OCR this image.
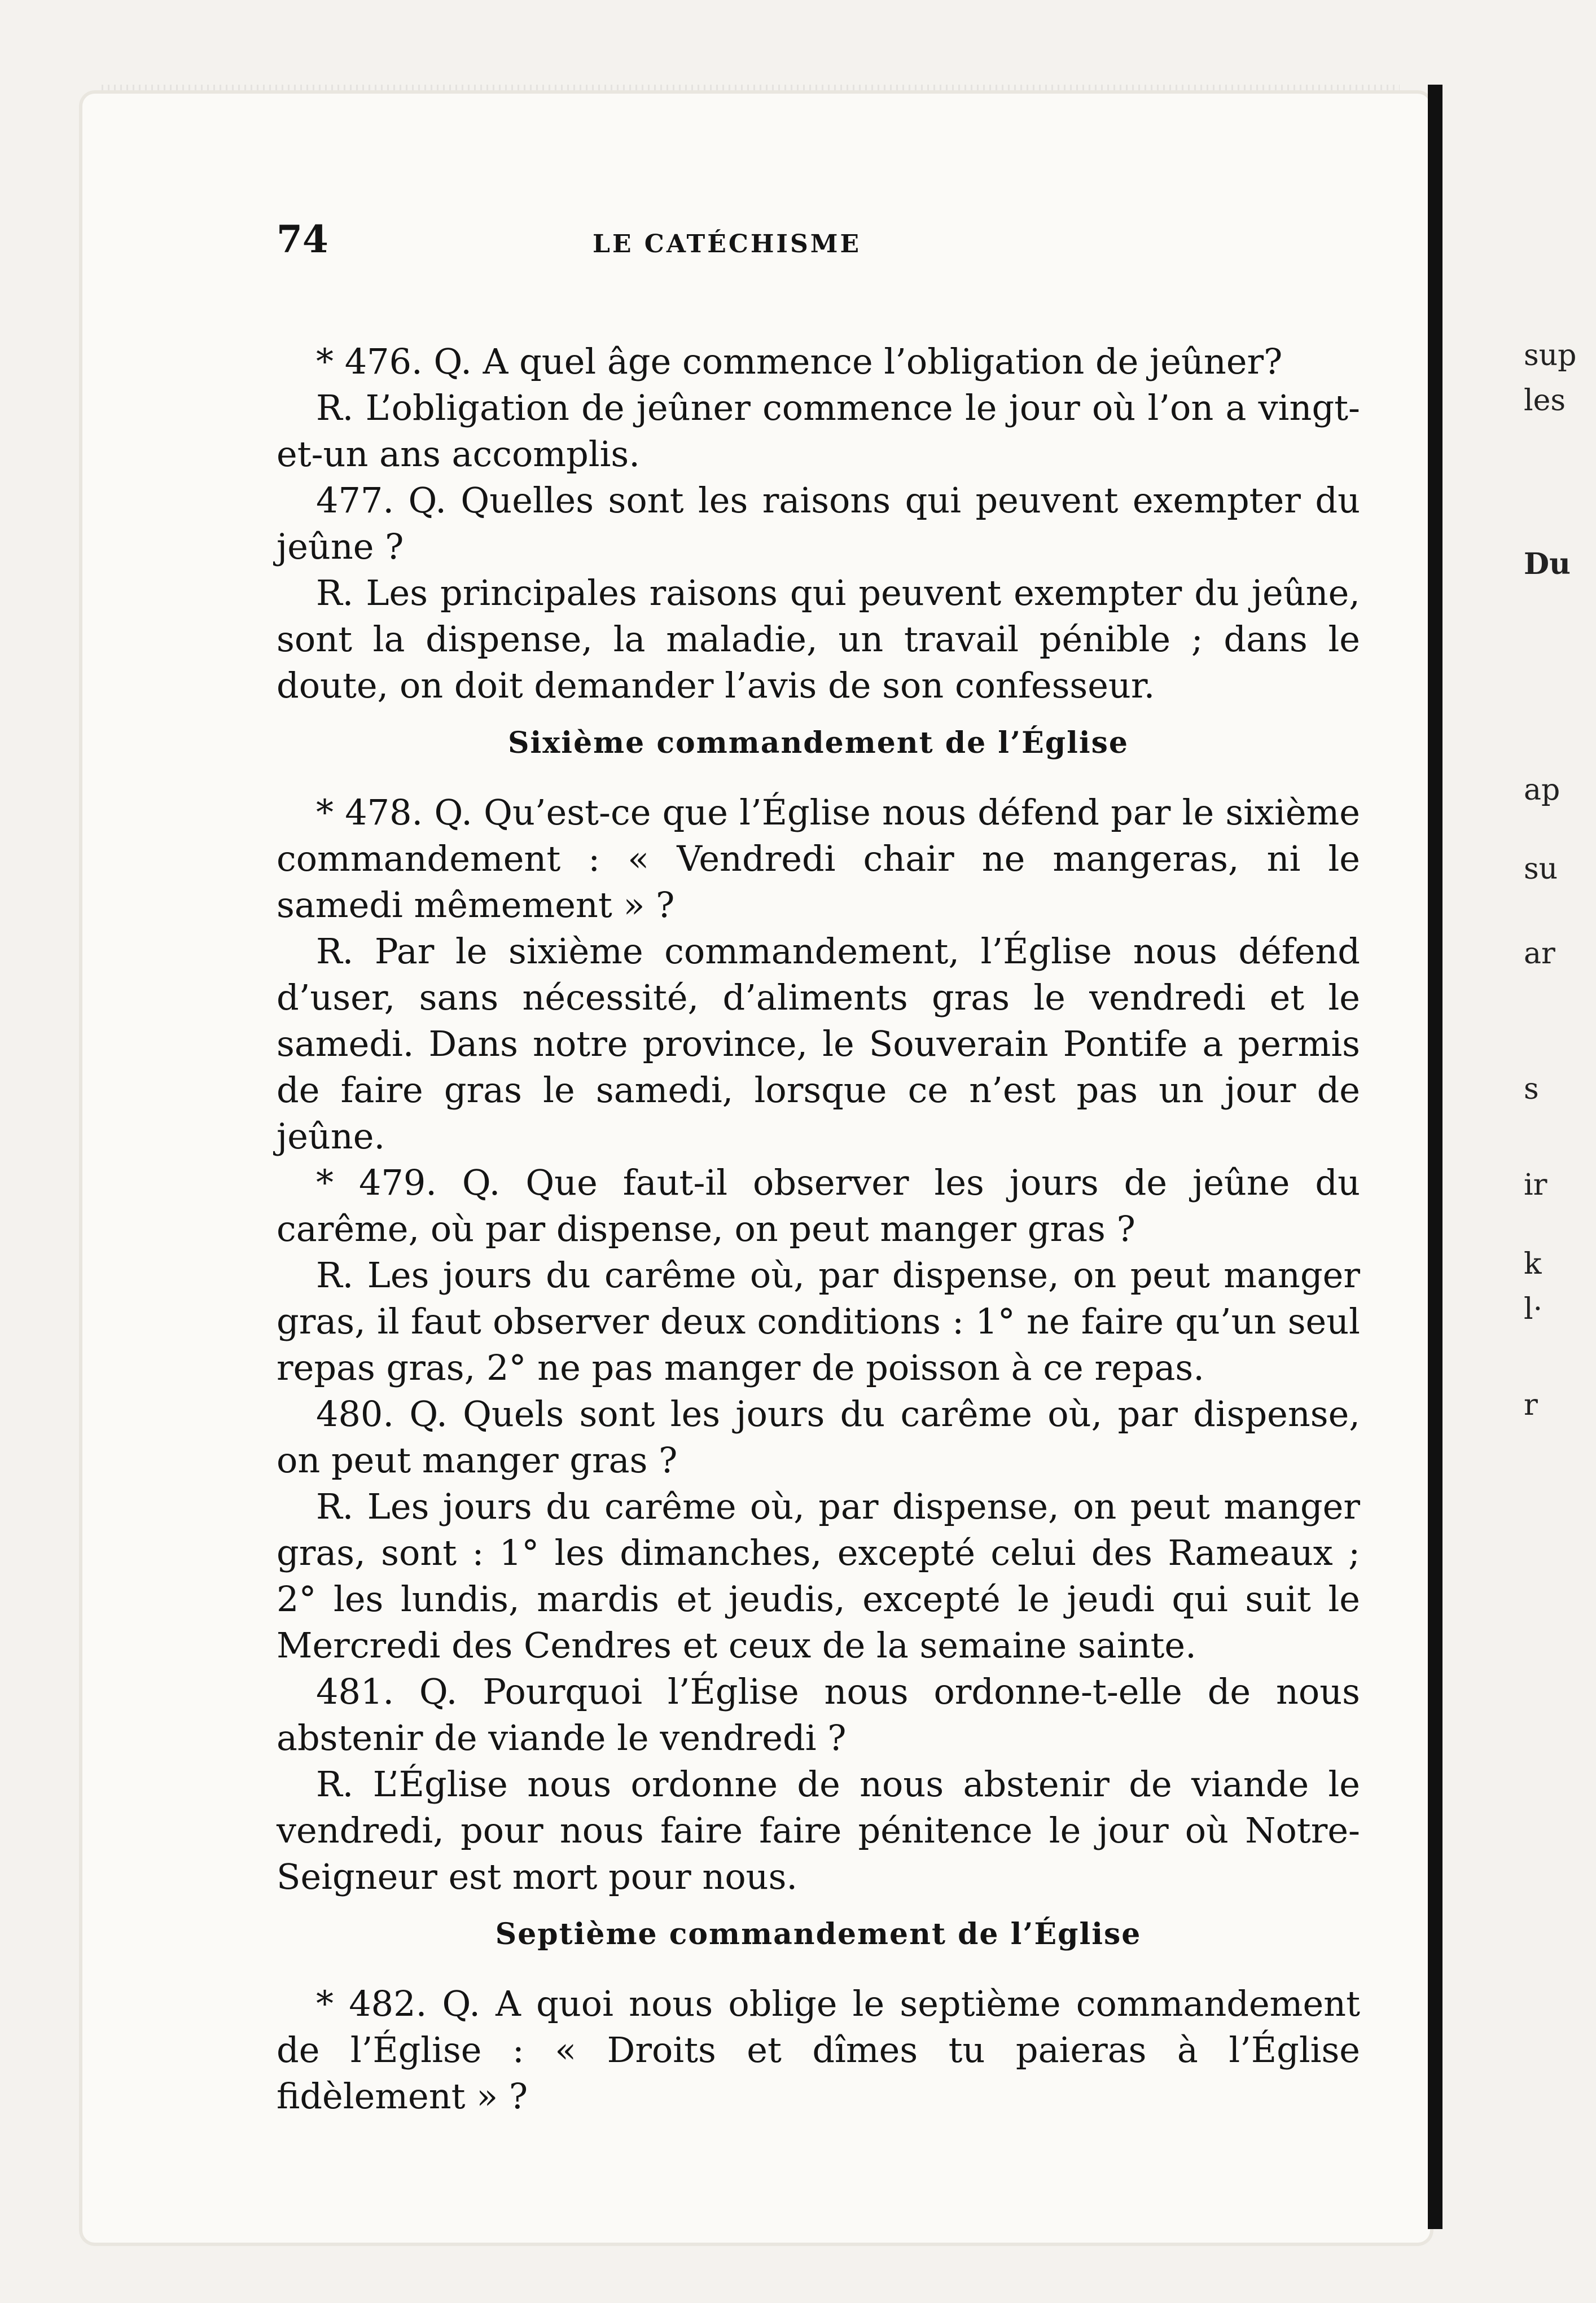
sup
les
Du
ap
su
ar
s
ir
k
l·
r
74	LE CATÉCHISME

* 476. Q. A quel âge commence l’obligation de jeûner?

R. L’obligation de jeûner commence le jour où l’on a vingt-et-un ans accomplis.

477. Q. Quelles sont les raisons qui peuvent exempter du jeûne ?

R. Les principales raisons qui peuvent exempter du jeûne, sont la dispense, la maladie, un travail pénible ; dans le doute, on doit demander l’avis de son confesseur.

Sixième commandement de l’Église

* 478. Q. Qu’est-ce que l’Église nous défend par le sixième commandement : « Vendredi chair ne mangeras, ni le samedi mêmement » ?

R. Par le sixième commandement, l’Église nous défend d’user, sans nécessité, d’aliments gras le vendredi et le samedi. Dans notre province, le Souverain Pontife a permis de faire gras le samedi, lorsque ce n’est pas un jour de jeûne.

* 479. Q. Que faut-il observer les jours de jeûne du carême, où par dispense, on peut manger gras ?

R. Les jours du carême où, par dispense, on peut manger gras, il faut observer deux conditions : 1° ne faire qu’un seul repas gras, 2° ne pas manger de poisson à ce repas.

480. Q. Quels sont les jours du carême où, par dispense, on peut manger gras ?

R. Les jours du carême où, par dispense, on peut manger gras, sont : 1° les dimanches, excepté celui des Rameaux ; 2° les lundis, mardis et jeudis, excepté le jeudi qui suit le Mercredi des Cendres et ceux de la semaine sainte.

481. Q. Pourquoi l’Église nous ordonne-t-elle de nous abstenir de viande le vendredi ?

R. L’Église nous ordonne de nous abstenir de viande le vendredi, pour nous faire faire pénitence le jour où Notre-Seigneur est mort pour nous.

Septième commandement de l’Église

* 482. Q. A quoi nous oblige le septième commandement de l’Église : « Droits et dîmes tu paieras à l’Église fidèlement » ?
